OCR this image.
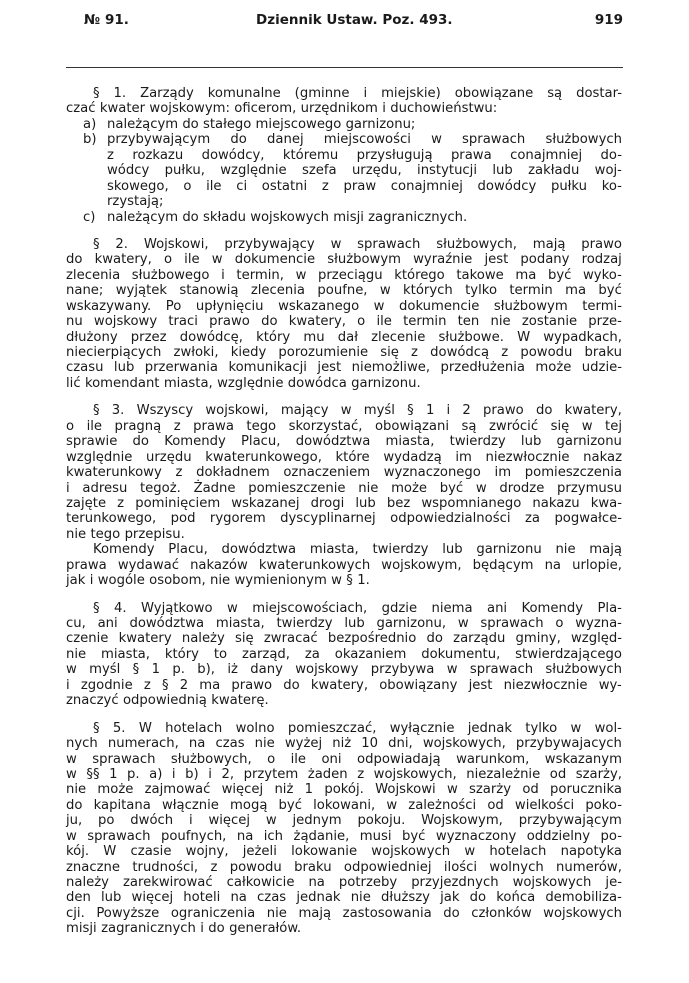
№ 91.	Dziennik Ustaw. Poz. 493.	919
§ 1. Zarządy komunalne (gminne i miejskie) obowiązane są dostar-
czać kwater wojskowym: oficerom, urzędnikom i duchowieństwu:
a) należącym do stałego miejscowego garnizonu;
b) przybywającym do danej miejscowości w sprawach służbowych
z rozkazu dowódcy, któremu przysługują prawa conajmniej do-
wódcy pułku, względnie szefa urzędu, instytucji lub zakładu woj-
skowego, o ile ci ostatni z praw conajmniej dowódcy pułku ko-
rzystają;
c) należącym do składu wojskowych misji zagranicznych.
§ 2. Wojskowi, przybywający w sprawach służbowych, mają prawo
do kwatery, o ile w dokumencie służbowym wyraźnie jest podany rodzaj
zlecenia służbowego i termin, w przeciągu którego takowe ma być wyko-
nane; wyjątek stanowią zlecenia poufne, w których tylko termin ma być
wskazywany. Po upłynięciu wskazanego w dokumencie służbowym termi-
nu wojskowy traci prawo do kwatery, o ile termin ten nie zostanie prze-
dłużony przez dowódcę, który mu dał zlecenie służbowe. W wypadkach,
niecierpiących zwłoki, kiedy porozumienie się z dowódcą z powodu braku
czasu lub przerwania komunikacji jest niemożliwe, przedłużenia może udzie-
lić komendant miasta, względnie dowódca garnizonu.
§ 3. Wszyscy wojskowi, mający w myśl § 1 i 2 prawo do kwatery,
o ile pragną z prawa tego skorzystać, obowiązani są zwrócić się w tej
sprawie do Komendy Placu, dowództwa miasta, twierdzy lub garnizonu
względnie urzędu kwaterunkowego, które wydadzą im niezwłocznie nakaz
kwaterunkowy z dokładnem oznaczeniem wyznaczonego im pomieszczenia
i adresu tegoż. Żadne pomieszczenie nie może być w drodze przymusu
zajęte z pominięciem wskazanej drogi lub bez wspomnianego nakazu kwa-
terunkowego, pod rygorem dyscyplinarnej odpowiedzialności za pogwałce-
nie tego przepisu.
Komendy Placu, dowództwa miasta, twierdzy lub garnizonu nie mają
prawa wydawać nakazów kwaterunkowych wojskowym, będącym na urlopie,
jak i wogóle osobom, nie wymienionym w § 1.
§ 4. Wyjątkowo w miejscowościach, gdzie niema ani Komendy Pla-
cu, ani dowództwa miasta, twierdzy lub garnizonu, w sprawach o wyzna-
czenie kwatery należy się zwracać bezpośrednio do zarządu gminy, względ-
nie miasta, który to zarząd, za okazaniem dokumentu, stwierdzającego
w myśl § 1 p. b), iż dany wojskowy przybywa w sprawach służbowych
i zgodnie z § 2 ma prawo do kwatery, obowiązany jest niezwłocznie wy-
znaczyć odpowiednią kwaterę.
§ 5. W hotelach wolno pomieszczać, wyłącznie jednak tylko w wol-
nych numerach, na czas nie wyżej niż 10 dni, wojskowych, przybywajacych
w sprawach służbowych, o ile oni odpowiadają warunkom, wskazanym
w §§ 1 p. a) i b) i 2, przytem żaden z wojskowych, niezależnie od szarży,
nie może zajmować więcej niż 1 pokój. Wojskowi w szarży od porucznika
do kapitana włącznie mogą być lokowani, w zależności od wielkości poko-
ju, po dwóch i więcej w jednym pokoju. Wojskowym, przybywającym
w sprawach poufnych, na ich żądanie, musi być wyznaczony oddzielny po-
kój. W czasie wojny, jeżeli lokowanie wojskowych w hotelach napotyka
znaczne trudności, z powodu braku odpowiedniej ilości wolnych numerów,
należy zarekwirować całkowicie na potrzeby przyjezdnych wojskowych je-
den lub więcej hoteli na czas jednak nie dłuższy jak do końca demobiliza-
cji. Powyższe ograniczenia nie mają zastosowania do członków wojskowych
misji zagranicznych i do generałów.
